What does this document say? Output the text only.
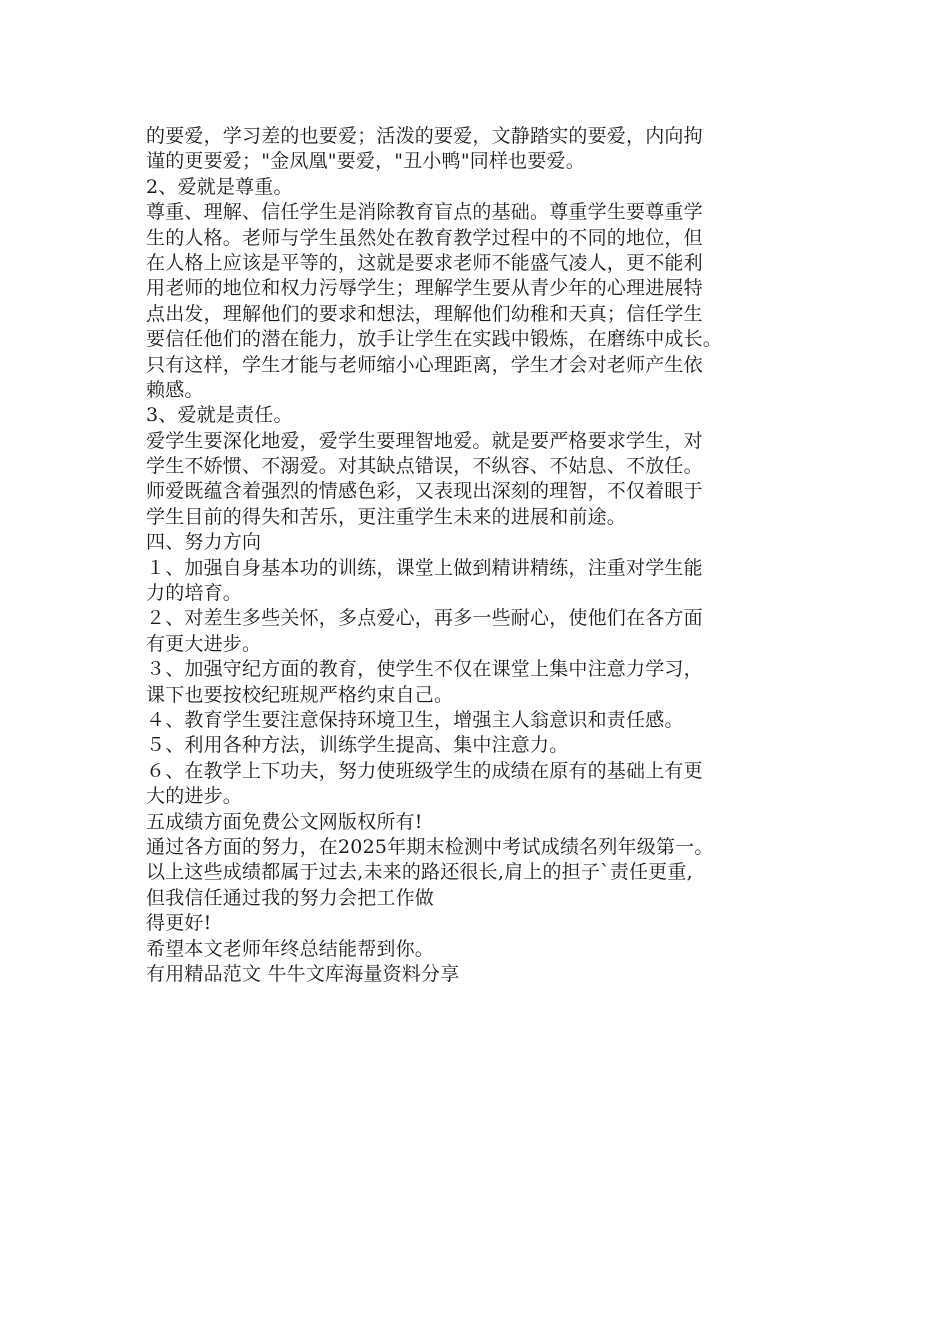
的要爱，学习差的也要爱；活泼的要爱，文静踏实的要爱，内向拘
谨的更要爱；"金凤凰"要爱，"丑小鸭"同样也要爱。
2、爱就是尊重。
尊重、理解、信任学生是消除教育盲点的基础。尊重学生要尊重学
生的人格。老师与学生虽然处在教育教学过程中的不同的地位，但
在人格上应该是平等的，这就是要求老师不能盛气凌人，更不能利
用老师的地位和权力污辱学生；理解学生要从青少年的心理进展特
点出发，理解他们的要求和想法，理解他们幼稚和天真；信任学生
要信任他们的潜在能力，放手让学生在实践中锻炼，在磨练中成长。
只有这样，学生才能与老师缩小心理距离，学生才会对老师产生依
赖感。
3、爱就是责任。
爱学生要深化地爱，爱学生要理智地爱。就是要严格要求学生，对
学生不娇惯、不溺爱。对其缺点错误，不纵容、不姑息、不放任。
师爱既蕴含着强烈的情感色彩，又表现出深刻的理智，不仅着眼于
学生目前的得失和苦乐，更注重学生未来的进展和前途。
四、努力方向
１、加强自身基本功的训练，课堂上做到精讲精练，注重对学生能
力的培育。
２、对差生多些关怀，多点爱心，再多一些耐心，使他们在各方面
有更大进步。
３、加强守纪方面的教育，使学生不仅在课堂上集中注意力学习，
课下也要按校纪班规严格约束自己。
４、教育学生要注意保持环境卫生，增强主人翁意识和责任感。
５、利用各种方法，训练学生提高、集中注意力。
６、在教学上下功夫，努力使班级学生的成绩在原有的基础上有更
大的进步。
五成绩方面免费公文网版权所有!
通过各方面的努力，在2025年期末检测中考试成绩名列年级第一。
以上这些成绩都属于过去,未来的路还很长,肩上的担子`责任更重,
但我信任通过我的努力会把工作做
得更好!
希望本文老师年终总结能帮到你。
有用精品范文 牛牛文库海量资料分享
